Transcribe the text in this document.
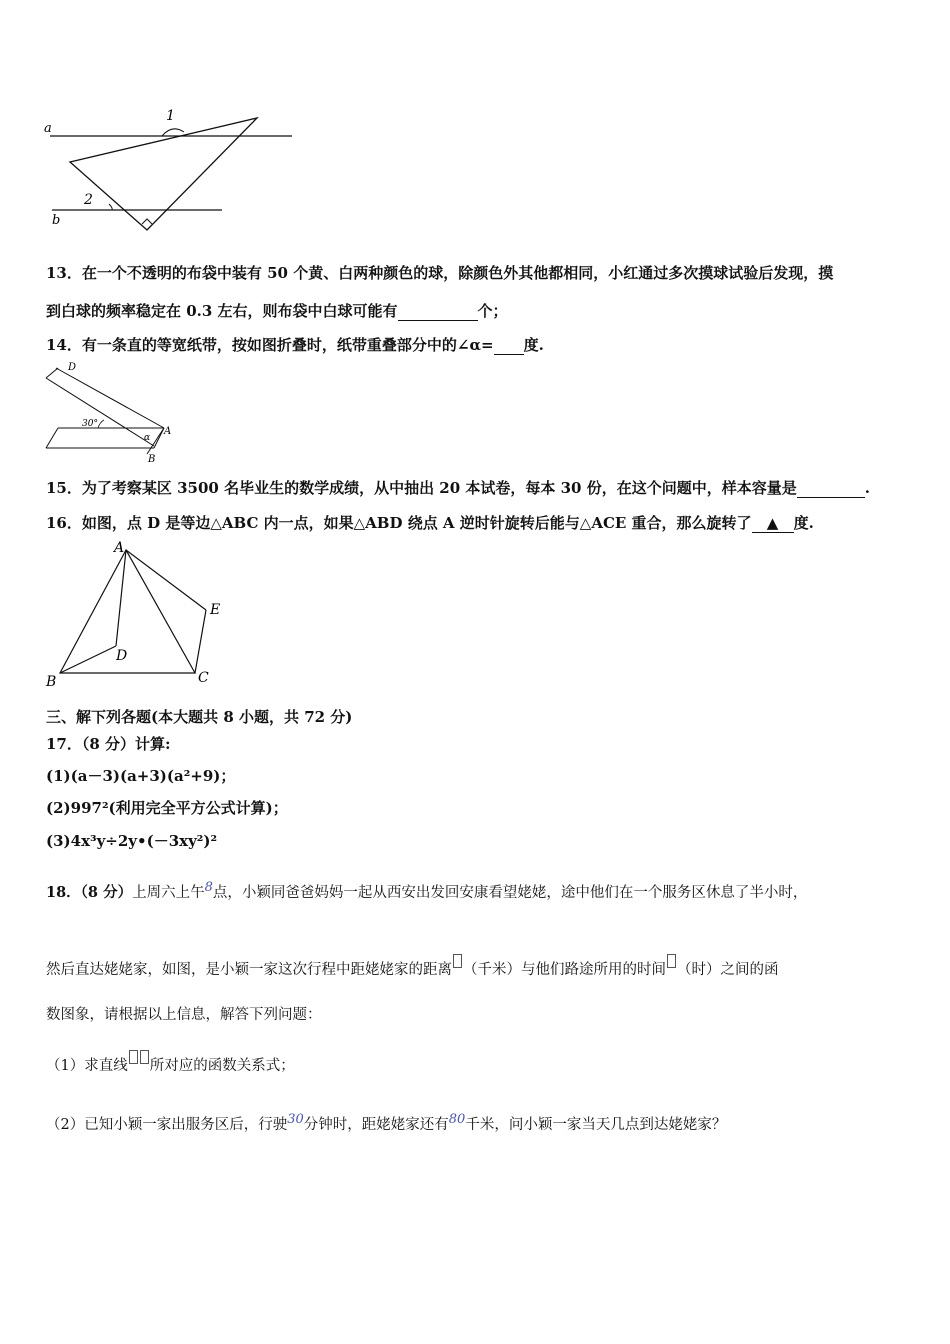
a
b
1
2
13．在一个不透明的布袋中装有 50 个黄、白两种颜色的球，除颜色外其他都相同，小红通过多次摸球试验后发现，摸
到白球的频率稳定在 0.3 左右，则布袋中白球可能有	个；
14．有一条直的等宽纸带，按如图折叠时，纸带重叠部分中的∠α= 度.
D
A
B
30°
α
15．为了考察某区 3500 名毕业生的数学成绩，从中抽出 20 本试卷，每本 30 份，在这个问题中，样本容量是	.
16．如图，点 D 是等边△ABC 内一点，如果△ABD 绕点 A 逆时针旋转后能与△ACE 重合，那么旋转了 ▲ 度.
A
B	C
D
E
三、解下列各题(本大题共 8 小题，共 72 分)
17．（8 分）计算:
(1)(a－3)(a+3)(a²+9)；
(2)997²(利用完全平方公式计算)；
(3)4x³y÷2y•(－3xy²)²
18．（8 分）上周六上午8点，小颖同爸爸妈妈一起从西安出发回安康看望姥姥，途中他们在一个服务区休息了半小时，
然后直达姥姥家，如图，是小颖一家这次行程中距姥姥家的距离 （千米）与他们路途所用的时间 （时）之间的函
数图象，请根据以上信息，解答下列问题：
（1）求直线 所对应的函数关系式；
（2）已知小颖一家出服务区后，行驶30分钟时，距姥姥家还有80千米，问小颖一家当天几点到达姥姥家？
